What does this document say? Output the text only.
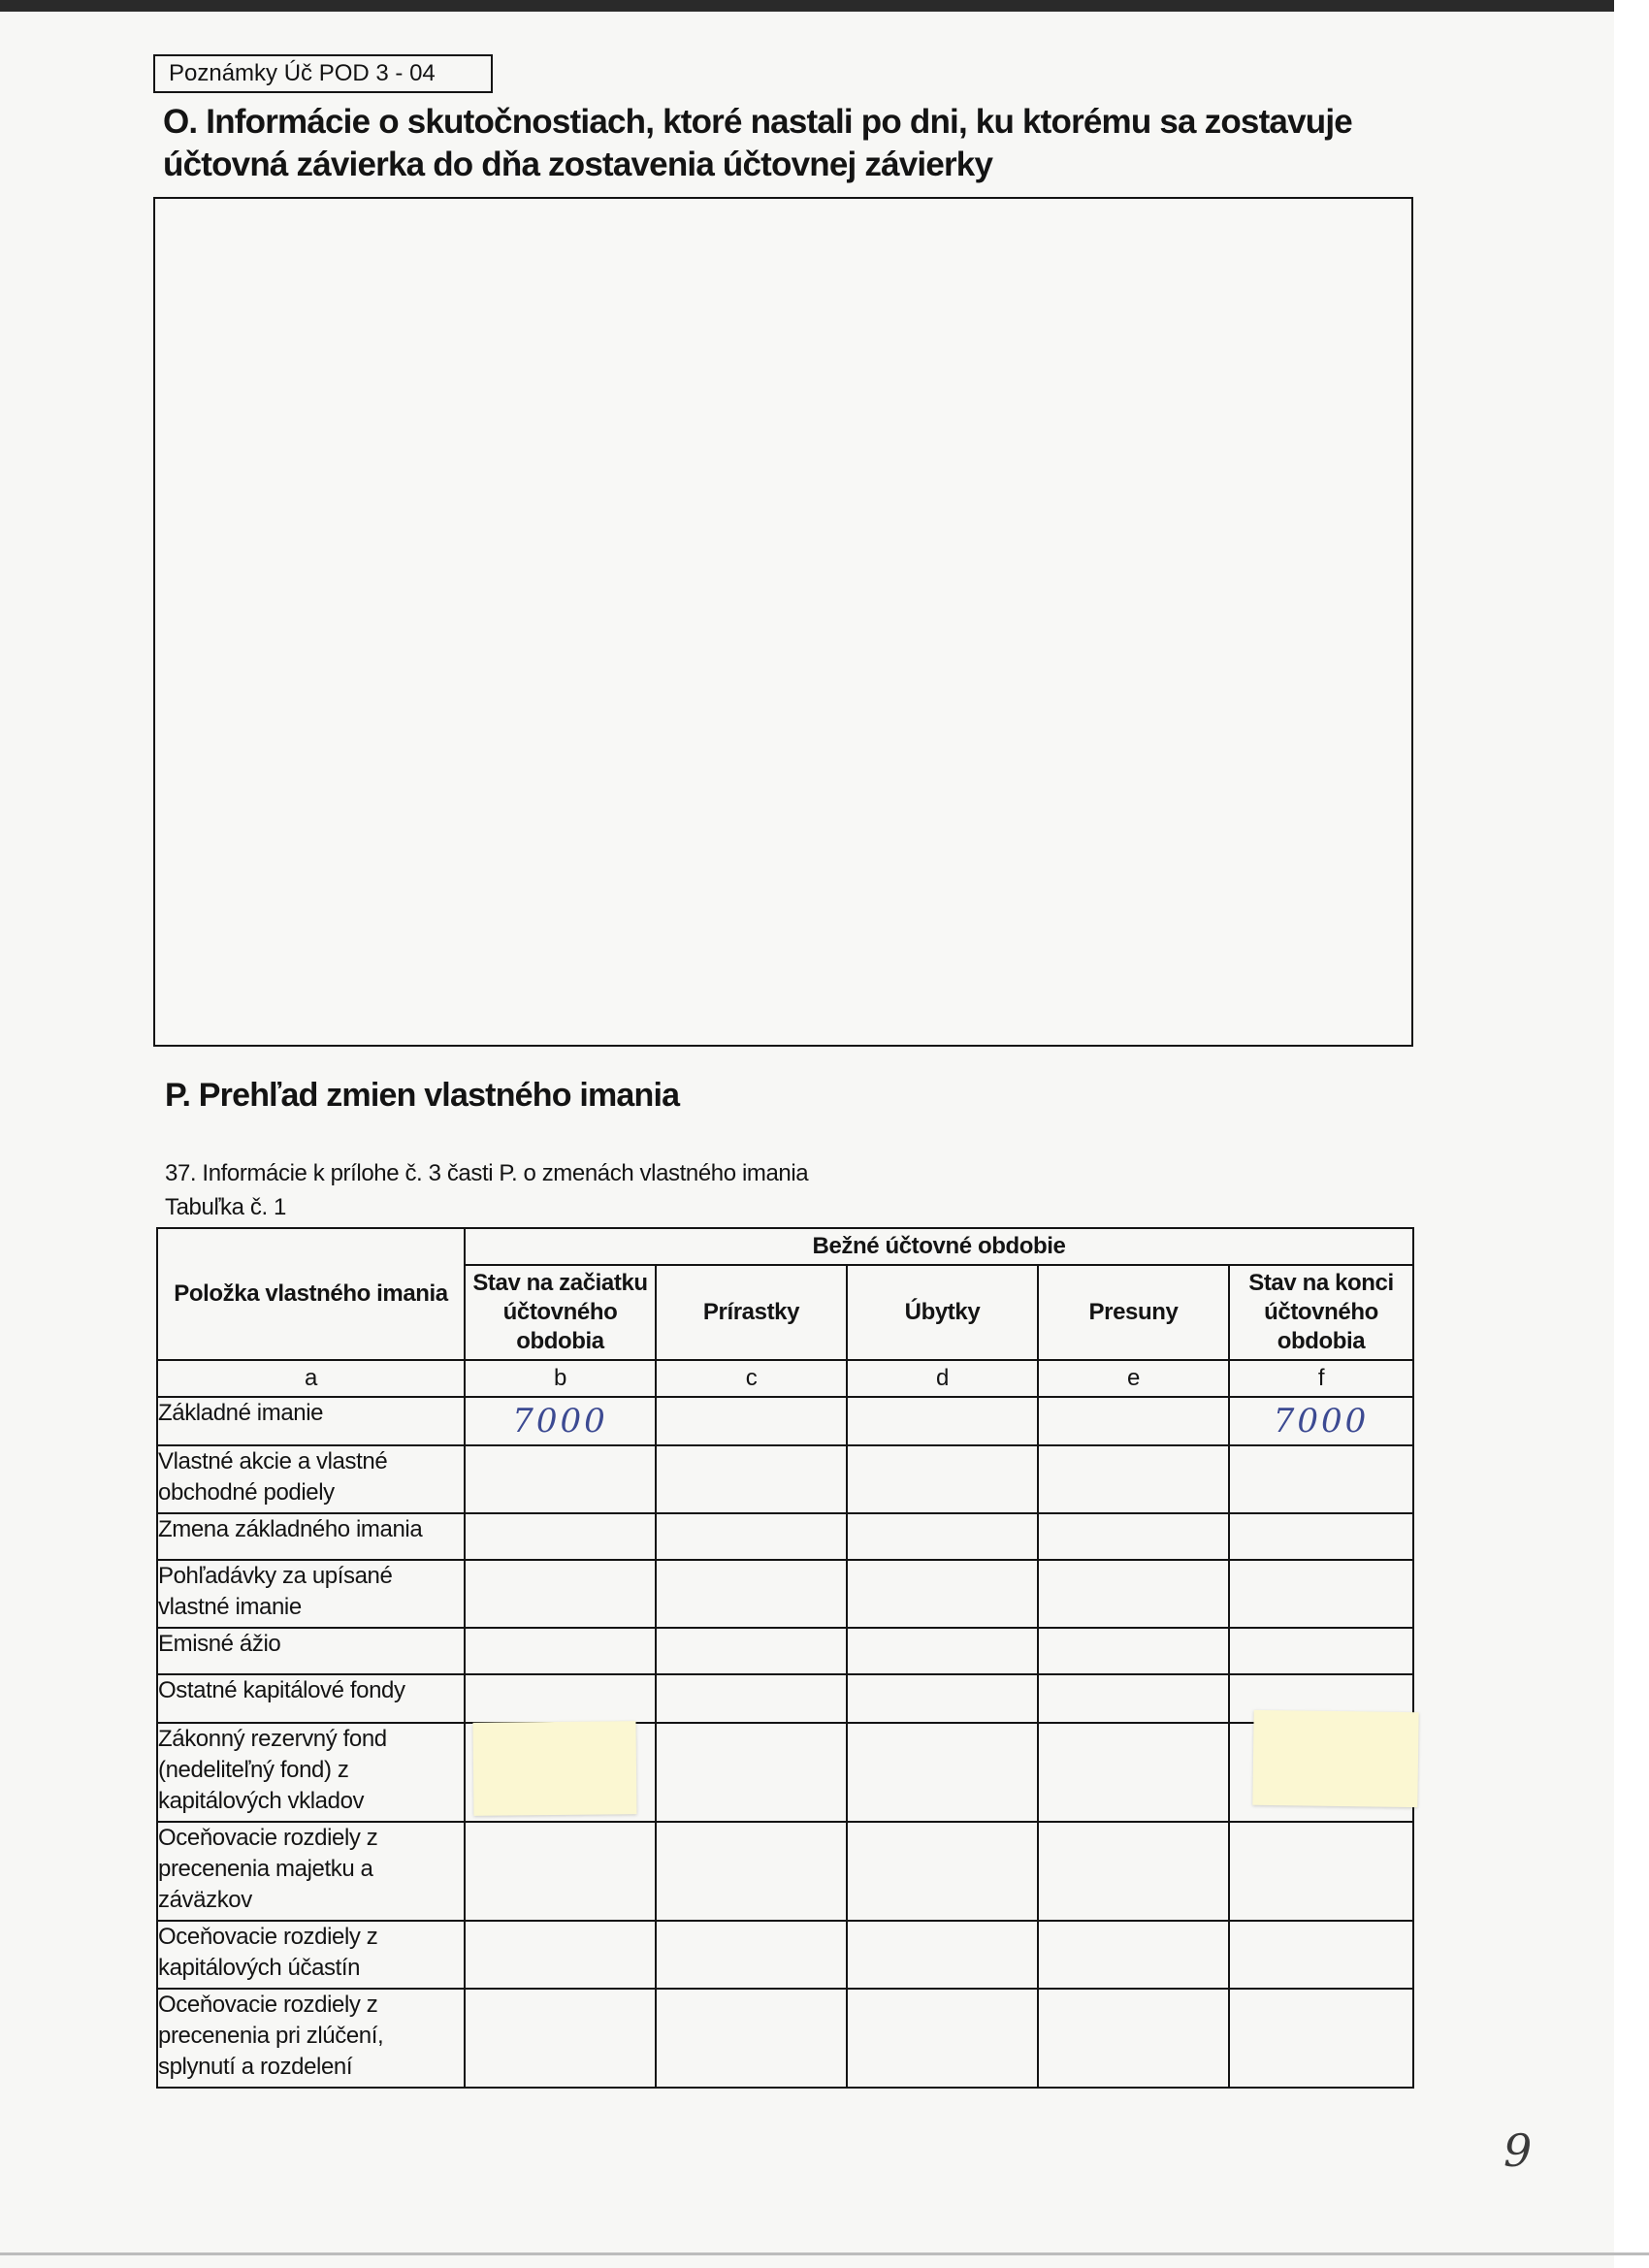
Poznámky Úč POD 3 - 04
O. Informácie o skutočnostiach, ktoré nastali po dni, ku ktorému sa zostavuje
účtovná závierka do dňa zostavenia účtovnej závierky
P. Prehľad zmien vlastného imania
37. Informácie k prílohe č. 3 časti P. o zmenách vlastného imania
Tabuľka č. 1
Položka vlastného imania	Bežné účtovné obdobie				
	Stav na začiatku účtovného obdobia	Prírastky	Úbytky	Presuny	Stav na konci účtovného obdobia
a	b	c	d	e	f
Základné imanie	7000				7000
Vlastné akcie a vlastné obchodné podiely					
Zmena základného imania					
Pohľadávky za upísané vlastné imanie					
Emisné ážio					
Ostatné kapitálové fondy					
Zákonný rezervný fond (nedeliteľný fond) z kapitálových vkladov					
Oceňovacie rozdiely z precenenia majetku a záväzkov					
Oceňovacie rozdiely z kapitálových účastín					
Oceňovacie rozdiely z precenenia pri zlúčení, splynutí a rozdelení					
9
